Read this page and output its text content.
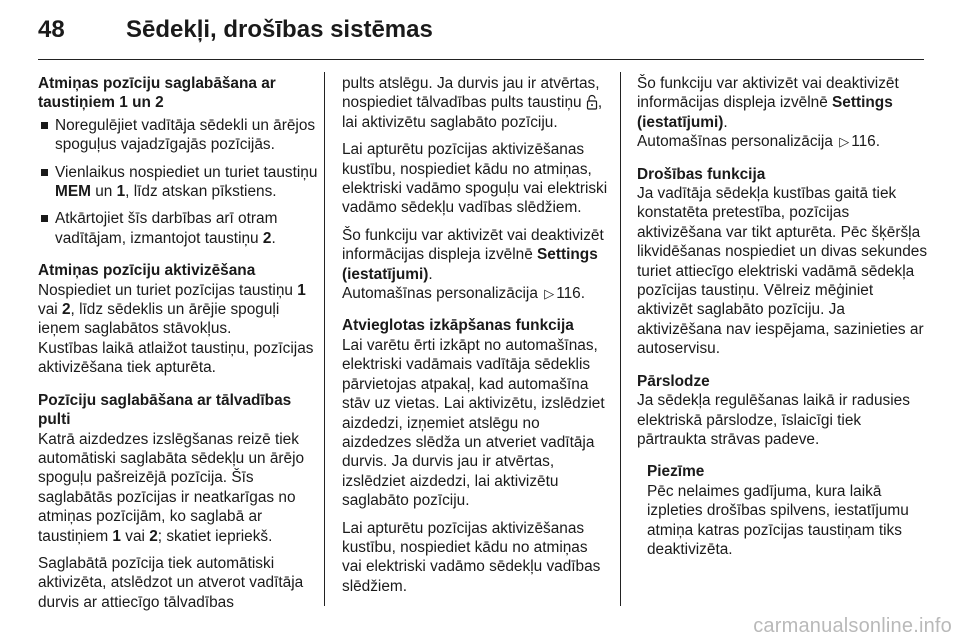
48	Sēdekļi, drošības sistēmas

Atmiņas pozīciju saglabāšana ar taustiņiem 1 un 2

Noregulējiet vadītāja sēdekli un ārējos spoguļus vajadzīgajās pozīcijās.
Vienlaikus nospiediet un turiet taustiņu MEM un 1, līdz atskan pīkstiens.
Atkārtojiet šīs darbības arī otram vadītājam, izmantojot taustiņu 2.

Atmiņas pozīciju aktivizēšana

Nospiediet un turiet pozīcijas taustiņu 1 vai 2, līdz sēdeklis un ārējie spoguļi ieņem saglabātos stāvokļus.

Kustības laikā atlaižot taustiņu, pozīcijas aktivizēšana tiek apturēta.

Pozīciju saglabāšana ar tālvadības pulti

Katrā aizdedzes izslēgšanas reizē tiek automātiski saglabāta sēdekļu un ārējo spoguļu pašreizējā pozīcija. Šīs saglabātās pozīcijas ir neatkarīgas no atmiņas pozīcijām, ko saglabā ar taustiņiem 1 vai 2; skatiet iepriekš.

Saglabātā pozīcija tiek automātiski aktivizēta, atslēdzot un atverot vadītāja durvis ar attiecīgo tālvadības

pults atslēgu. Ja durvis jau ir atvērtas, nospiediet tālvadības pults taustiņu , lai aktivizētu saglabāto pozīciju.

Lai apturētu pozīcijas aktivizēšanas kustību, nospiediet kādu no atmiņas, elektriski vadāmo spoguļu vai elektriski vadāmo sēdekļu vadības slēdžiem.

Šo funkciju var aktivizēt vai deaktivizēt informācijas displeja izvēlnē Settings (iestatījumi).
Automašīnas personalizācija ▷ 116.

Atvieglotas izkāpšanas funkcija

Lai varētu ērti izkāpt no automašīnas, elektriski vadāmais vadītāja sēdeklis pārvietojas atpakaļ, kad automašīna stāv uz vietas. Lai aktivizētu, izslēdziet aizdedzi, izņemiet atslēgu no aizdedzes slēdža un atveriet vadītāja durvis. Ja durvis jau ir atvērtas, izslēdziet aizdedzi, lai aktivizētu saglabāto pozīciju.

Lai apturētu pozīcijas aktivizēšanas kustību, nospiediet kādu no atmiņas vai elektriski vadāmo sēdekļu vadības slēdžiem.

Šo funkciju var aktivizēt vai deaktivizēt informācijas displeja izvēlnē Settings (iestatījumi).
Automašīnas personalizācija ▷ 116.

Drošības funkcija

Ja vadītāja sēdekļa kustības gaitā tiek konstatēta pretestība, pozīcijas aktivizēšana var tikt apturēta. Pēc šķēršļa likvidēšanas nospiediet un divas sekundes turiet attiecīgo elektriski vadāmā sēdekļa pozīcijas taustiņu. Vēlreiz mēģiniet aktivizēt saglabāto pozīciju. Ja aktivizēšana nav iespējama, sazinieties ar autoservisu.

Pārslodze

Ja sēdekļa regulēšanas laikā ir radusies elektriskā pārslodze, īslaicīgi tiek pārtraukta strāvas padeve.

Piezīme

Pēc nelaimes gadījuma, kura laikā izpleties drošības spilvens, iestatījumu atmiņa katras pozīcijas taustiņam tiks deaktivizēta.

carmanualsonline.info
